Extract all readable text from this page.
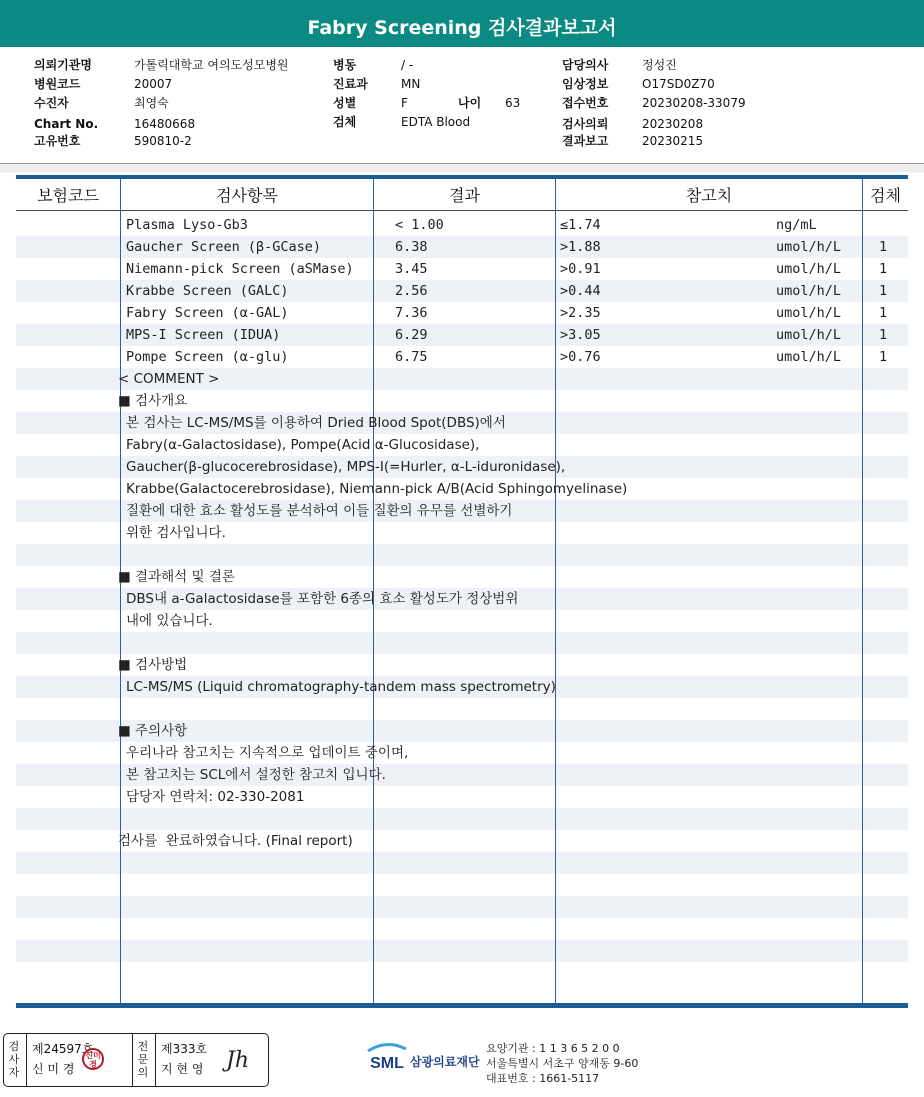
Fabry Screening 검사결과보고서
의뢰기관명	가톨릭대학교 여의도성모병원
병원코드	20007
수진자	최영숙
Chart No.	16480668
고유번호	590810-2
병동	/ -
진료과	MN
성별	F	나이 63
검체	EDTA Blood
담당의사	정성진
임상정보	O17SD0Z70
접수번호	20230208-33079
검사의뢰	20230208
결과보고	20230215
보험코드	검사항목	결과	참고치	검체
Plasma Lyso-Gb3	< 1.00	≤1.74	ng/mL
Gaucher Screen (β-GCase)	6.38	>1.88	umol/h/L	1
Niemann-pick Screen (aSMase)	3.45	>0.91	umol/h/L	1
Krabbe Screen (GALC)	2.56	>0.44	umol/h/L	1
Fabry Screen (α-GAL)	7.36	>2.35	umol/h/L	1
MPS-I Screen (IDUA)	6.29	>3.05	umol/h/L	1
Pompe Screen (α-glu)	6.75	>0.76	umol/h/L	1
< COMMENT >
■ 검사개요
본 검사는 LC-MS/MS를 이용하여 Dried Blood Spot(DBS)에서
Fabry(α-Galactosidase), Pompe(Acid α-Glucosidase),
Gaucher(β-glucocerebrosidase), MPS-I(=Hurler, α-L-iduronidase),
Krabbe(Galactocerebrosidase), Niemann-pick A/B(Acid Sphingomyelinase)
질환에 대한 효소 활성도를 분석하여 이들 질환의 유무를 선별하기
위한 검사입니다.
■ 결과해석 및 결론
DBS내 a-Galactosidase를 포함한 6종의 효소 활성도가 정상범위
내에 있습니다.
■ 검사방법
LC-MS/MS (Liquid chromatography-tandem mass spectrometry)
■ 주의사항
우리나라 참고치는 지속적으로 업데이트 중이며,
본 참고치는 SCL에서 설정한 참고치 입니다.
담당자 연락처: 02-330-2081
검사를  완료하였습니다. (Final report)
검사자
제24597호
신 미 경
신미경
전문의
제333호
지 현 영 Jh	SML 삼광의료재단
요양기관 : 1 1 3 6 5 2 0 0
서울특별시 서초구 양재동 9-60
대표번호 : 1661-5117
